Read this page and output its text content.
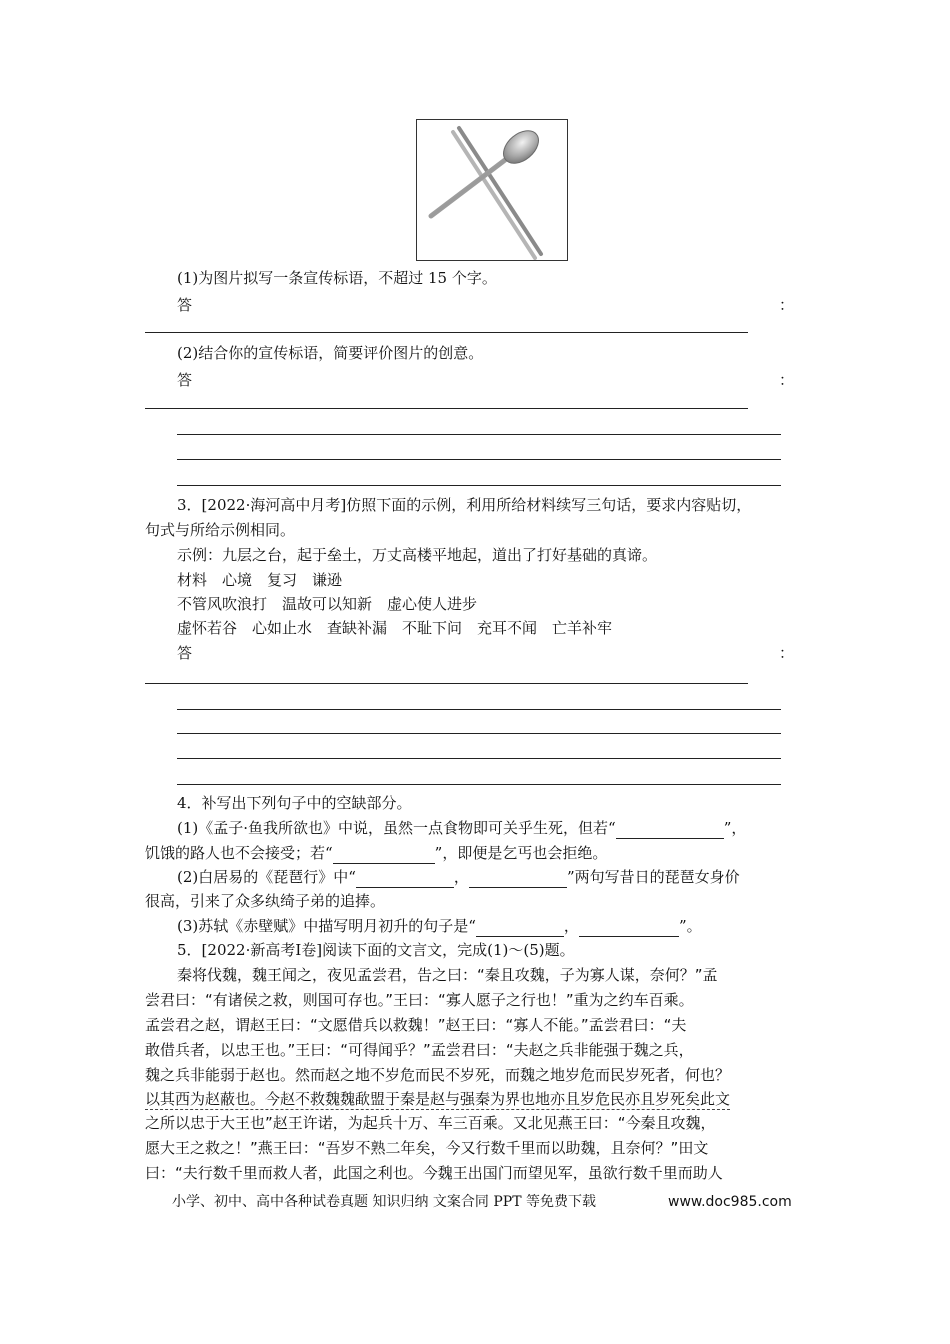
(1)为图片拟写一条宣传标语，不超过 15 个字。
答	：
(2)结合你的宣传标语，简要评价图片的创意。
答	：
3．[2022·海河高中月考]仿照下面的示例，利用所给材料续写三句话，要求内容贴切，
句式与所给示例相同。
示例：九层之台，起于垒土，万丈高楼平地起，道出了打好基础的真谛。
材料　心境　复习　谦逊
不管风吹浪打　温故可以知新　虚心使人进步
虚怀若谷　心如止水　查缺补漏　不耻下问　充耳不闻　亡羊补牢
答	：
4．补写出下列句子中的空缺部分。
(1)《孟子·鱼我所欲也》中说，虽然一点食物即可关乎生死，但若“	”，
饥饿的路人也不会接受；若“	”，即便是乞丐也会拒绝。
(2)白居易的《琵琶行》中“	，	”两句写昔日的琵琶女身价
很高，引来了众多纨绮子弟的追捧。
(3)苏轼《赤壁赋》中描写明月初升的句子是“	，	”。
5．[2022·新高考Ⅰ卷]阅读下面的文言文，完成(1)～(5)题。
秦将伐魏，魏王闻之，夜见孟尝君，告之曰：“秦且攻魏，子为寡人谋，奈何？”孟
尝君曰：“有诸侯之救，则国可存也。”王曰：“寡人愿子之行也！”重为之约车百乘。
孟尝君之赵，谓赵王曰：“文愿借兵以救魏！”赵王曰：“寡人不能。”孟尝君曰：“夫
敢借兵者，以忠王也。”王曰：“可得闻乎？”孟尝君曰：“夫赵之兵非能强于魏之兵，
魏之兵非能弱于赵也。然而赵之地不岁危而民不岁死，而魏之地岁危而民岁死者，何也？
以其西为赵蔽也。今赵不救魏魏歃盟于秦是赵与强秦为界也地亦且岁危民亦且岁死矣此文
之所以忠于大王也”赵王许诺，为起兵十万、车三百乘。又北见燕王曰：“今秦且攻魏，
愿大王之救之！”燕王曰：“吾岁不熟二年矣，今又行数千里而以助魏，且奈何？”田文
曰：“夫行数千里而救人者，此国之利也。今魏王出国门而望见军，虽欲行数千里而助人
小学、初中、高中各种试卷真题 知识归纳 文案合同 PPT 等免费下载	www.doc985.com
